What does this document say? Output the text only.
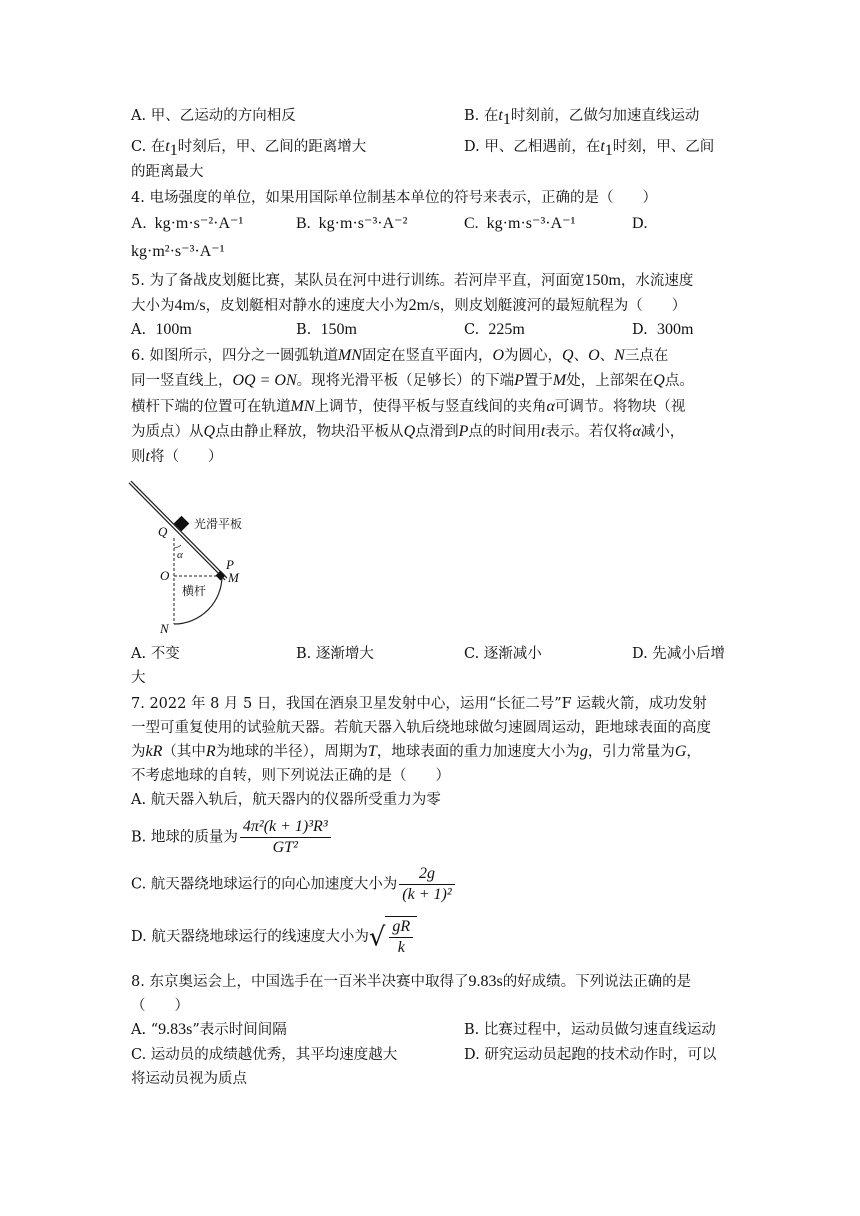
A. 甲、乙运动的方向相反	B. 在$t_1$时刻前，乙做匀加速直线运动
C. 在$t_1$时刻后，甲、乙间的距离增大	D. 甲、乙相遇前，在$t_1$时刻，甲、乙间
的距离最大
4. 电场强度的单位，如果用国际单位制基本单位的符号来表示，正确的是（　　）
A. kg·m·s⁻²·A⁻¹	B. kg·m·s⁻³·A⁻²	C. kg·m·s⁻³·A⁻¹	D.
kg·m²·s⁻³·A⁻¹
5. 为了备战皮划艇比赛，某队员在河中进行训练。若河岸平直，河面宽150m，水流速度
大小为4m/s，皮划艇相对静水的速度大小为2m/s，则皮划艇渡河的最短航程为（　　）
A. 100m	B. 150m	C. 225m	D. 300m
6. 如图所示，四分之一圆弧轨道MN固定在竖直平面内，O为圆心，Q、O、N三点在
同一竖直线上，OQ = ON。现将光滑平板（足够长）的下端P置于M处，上部架在Q点。
横杆下端的位置可在轨道MN上调节，使得平板与竖直线间的夹角α可调节。将物块（视
为质点）从Q点由静止释放，物块沿平板从Q点滑到P点的时间用t表示。若仅将α减小，
则t将（　　）
光滑平板
横杆
Q
O
N
P
M
α
A. 不变	B. 逐渐增大	C. 逐渐减小	D. 先减小后增
大
7. 2022 年 8 月 5 日，我国在酒泉卫星发射中心，运用“长征二号”F 运载火箭，成功发射
一型可重复使用的试验航天器。若航天器入轨后绕地球做匀速圆周运动，距地球表面的高度
为kR（其中R为地球的半径），周期为T，地球表面的重力加速度大小为g，引力常量为G，
不考虑地球的自转，则下列说法正确的是（　　）
A. 航天器入轨后，航天器内的仪器所受重力为零
B. 地球的质量为 $\frac{\text{4π²(k + 1)³R³}}{\text{GT²}}$
C. 航天器绕地球运行的向心加速度大小为 $\frac{2g}{\text{(k + 1)²}}$
D. 航天器绕地球运行的线速度大小为√ $\frac{gR}{k}$
8. 东京奥运会上，中国选手在一百米半决赛中取得了9.83s的好成绩。下列说法正确的是
（　　）
A. “9.83s”表示时间间隔	B. 比赛过程中，运动员做匀速直线运动
C. 运动员的成绩越优秀，其平均速度越大	D. 研究运动员起跑的技术动作时，可以
将运动员视为质点
